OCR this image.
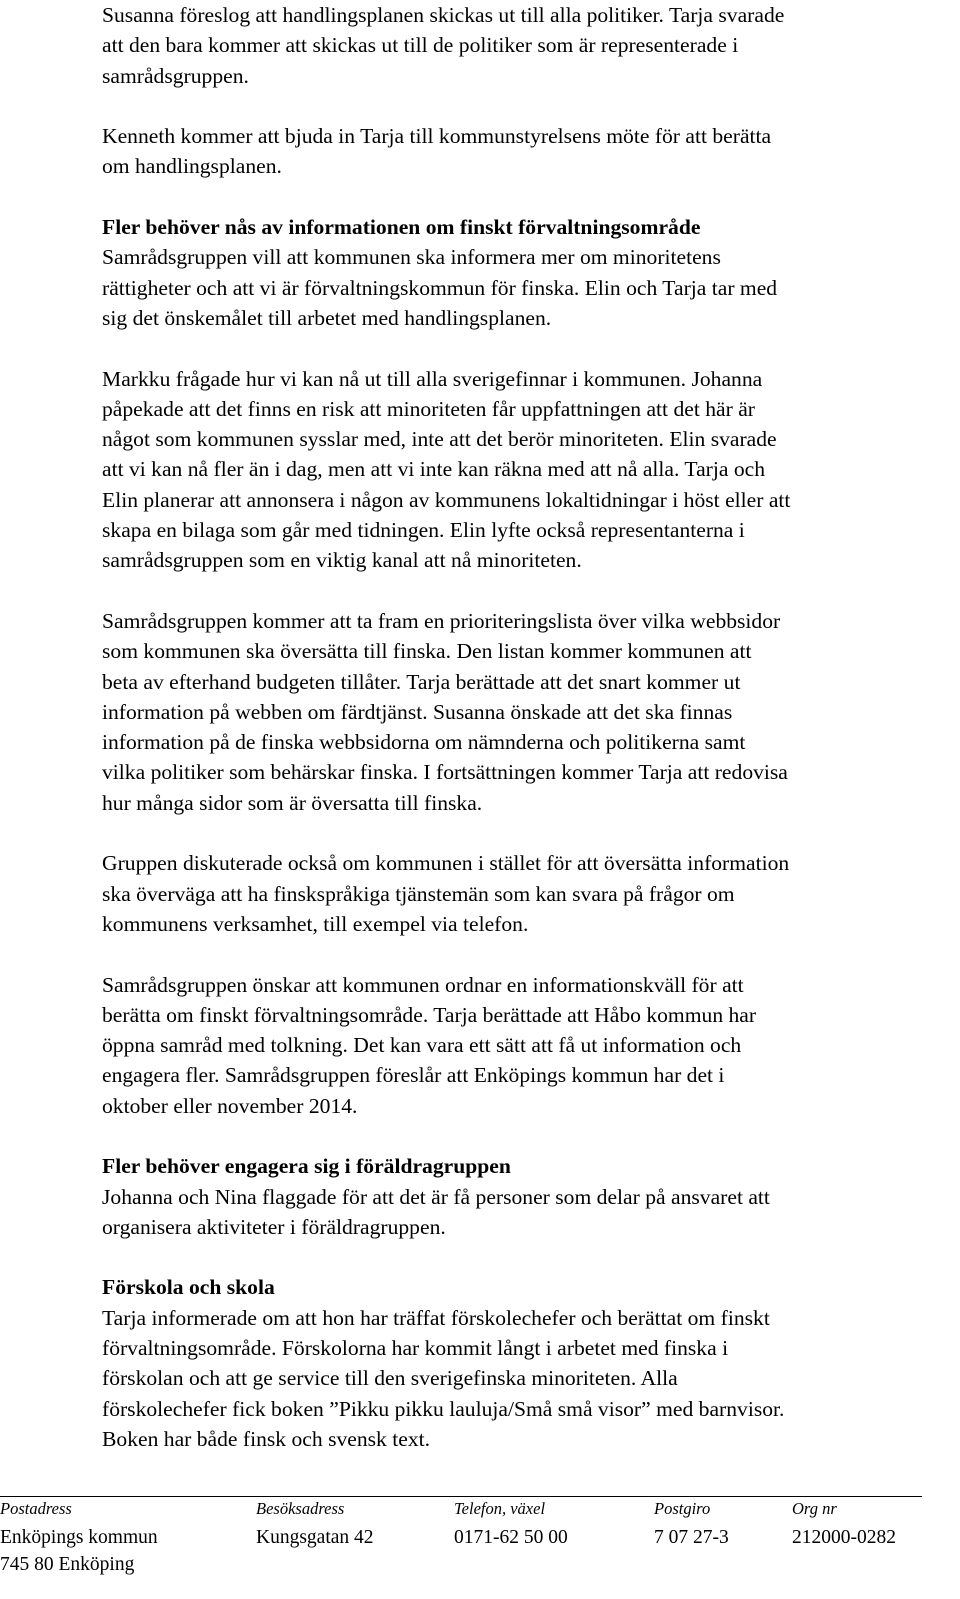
Susanna föreslog att handlingsplanen skickas ut till alla politiker. Tarja svarade
att den bara kommer att skickas ut till de politiker som är representerade i
samrådsgruppen.
Kenneth kommer att bjuda in Tarja till kommunstyrelsens möte för att berätta
om handlingsplanen.
Fler behöver nås av informationen om finskt förvaltningsområde
Samrådsgruppen vill att kommunen ska informera mer om minoritetens
rättigheter och att vi är förvaltningskommun för finska. Elin och Tarja tar med
sig det önskemålet till arbetet med handlingsplanen.
Markku frågade hur vi kan nå ut till alla sverigefinnar i kommunen. Johanna
påpekade att det finns en risk att minoriteten får uppfattningen att det här är
något som kommunen sysslar med, inte att det berör minoriteten. Elin svarade
att vi kan nå fler än i dag, men att vi inte kan räkna med att nå alla. Tarja och
Elin planerar att annonsera i någon av kommunens lokaltidningar i höst eller att
skapa en bilaga som går med tidningen. Elin lyfte också representanterna i
samrådsgruppen som en viktig kanal att nå minoriteten.
Samrådsgruppen kommer att ta fram en prioriteringslista över vilka webbsidor
som kommunen ska översätta till finska. Den listan kommer kommunen att
beta av efterhand budgeten tillåter. Tarja berättade att det snart kommer ut
information på webben om färdtjänst. Susanna önskade att det ska finnas
information på de finska webbsidorna om nämnderna och politikerna samt
vilka politiker som behärskar finska. I fortsättningen kommer Tarja att redovisa
hur många sidor som är översatta till finska.
Gruppen diskuterade också om kommunen i stället för att översätta information
ska överväga att ha finskspråkiga tjänstemän som kan svara på frågor om
kommunens verksamhet, till exempel via telefon.
Samrådsgruppen önskar att kommunen ordnar en informationskväll för att
berätta om finskt förvaltningsområde. Tarja berättade att Håbo kommun har
öppna samråd med tolkning. Det kan vara ett sätt att få ut information och
engagera fler. Samrådsgruppen föreslår att Enköpings kommun har det i
oktober eller november 2014.
Fler behöver engagera sig i föräldragruppen
Johanna och Nina flaggade för att det är få personer som delar på ansvaret att
organisera aktiviteter i föräldragruppen.
Förskola och skola
Tarja informerade om att hon har träffat förskolechefer och berättat om finskt
förvaltningsområde. Förskolorna har kommit långt i arbetet med finska i
förskolan och att ge service till den sverigefinska minoriteten. Alla
förskolechefer fick boken ”Pikku pikku lauluja/Små små visor” med barnvisor.
Boken har både finsk och svensk text.
Postadress
Enköpings kommun
745 80 Enköping
Besöksadress
Kungsgatan 42
Telefon, växel
0171-62 50 00
Postgiro
7 07 27-3
Org nr
212000-0282
